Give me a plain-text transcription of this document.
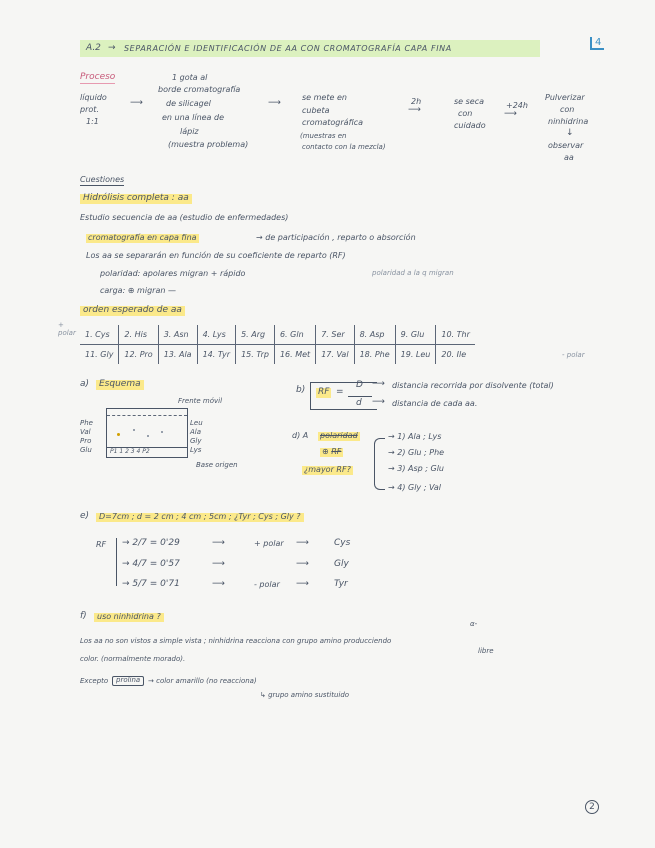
A.2 → SEPARACIÓN E IDENTIFICACIÓN DE AA CON CROMATOGRAFÍA CAPA FINA
4
Proceso
líquido
prot.
1:1
⟶
1 gota al
borde cromatografía
de silicagel
en una línea de
lápiz
(muestra problema)
⟶
se mete en
cubeta
cromatográfica
(muestras en
contacto con la mezcla)
2h
⟶
se seca
con
cuidado
+24h
⟶
Pulverizar
con
ninhidrina
↓
observar
aa
Cuestiones
Hidrólisis completa : aa
Estudio secuencia de aa (estudio de enfermedades)
cromatografía en capa fina	→ de participación , reparto o absorción
Los aa se separarán en función de su coeficiente de reparto (RF)
polaridad: apolares migran + rápido	polaridad a la q migran
carga: ⊕ migran —
orden esperado de aa
+ polar 1. Cys	2. His	3. Asn	4. Lys	5. Arg	6. Gln	7. Ser	8. Asp	9. Glu	10. Thr
11. Gly	12. Pro	13. Ala	14. Tyr	15. Trp	16. Met	17. Val	18. Phe	19. Leu	20. Ile	- polar
a)	Esquema
Frente móvil
P1 1 2 3 4 P2
Phe
Val
Pro
Glu
Leu
Ala
Gly
Lys
Base origen
b) RF =
D
d
⟶ distancia recorrida por disolvente (total)
⟶ distancia de cada aa.
d) A polaridad
⊕ RF
¿mayor RF?
→ 1) Ala ; Lys
→ 2) Glu ; Phe
→ 3) Asp ; Glu
→ 4) Gly ; Val
e)	D=7cm ; d = 2 cm ; 4 cm ; 5cm ; ¿Tyr ; Cys ; Gly ?
RF → 2/7 = 0'29	⟶	+ polar ⟶	Cys
→ 4/7 = 0'57	⟶	⟶	Gly
→ 5/7 = 0'71	⟶	- polar ⟶	Tyr
f)	uso ninhidrina ?
α-
Los aa no son vistos a simple vista ; ninhidrina reacciona con grupo amino producciendo
libre
color. (normalmente morado).
Excepto	prolina	→ color amarillo (no reacciona)
↳ grupo amino sustituido
2
